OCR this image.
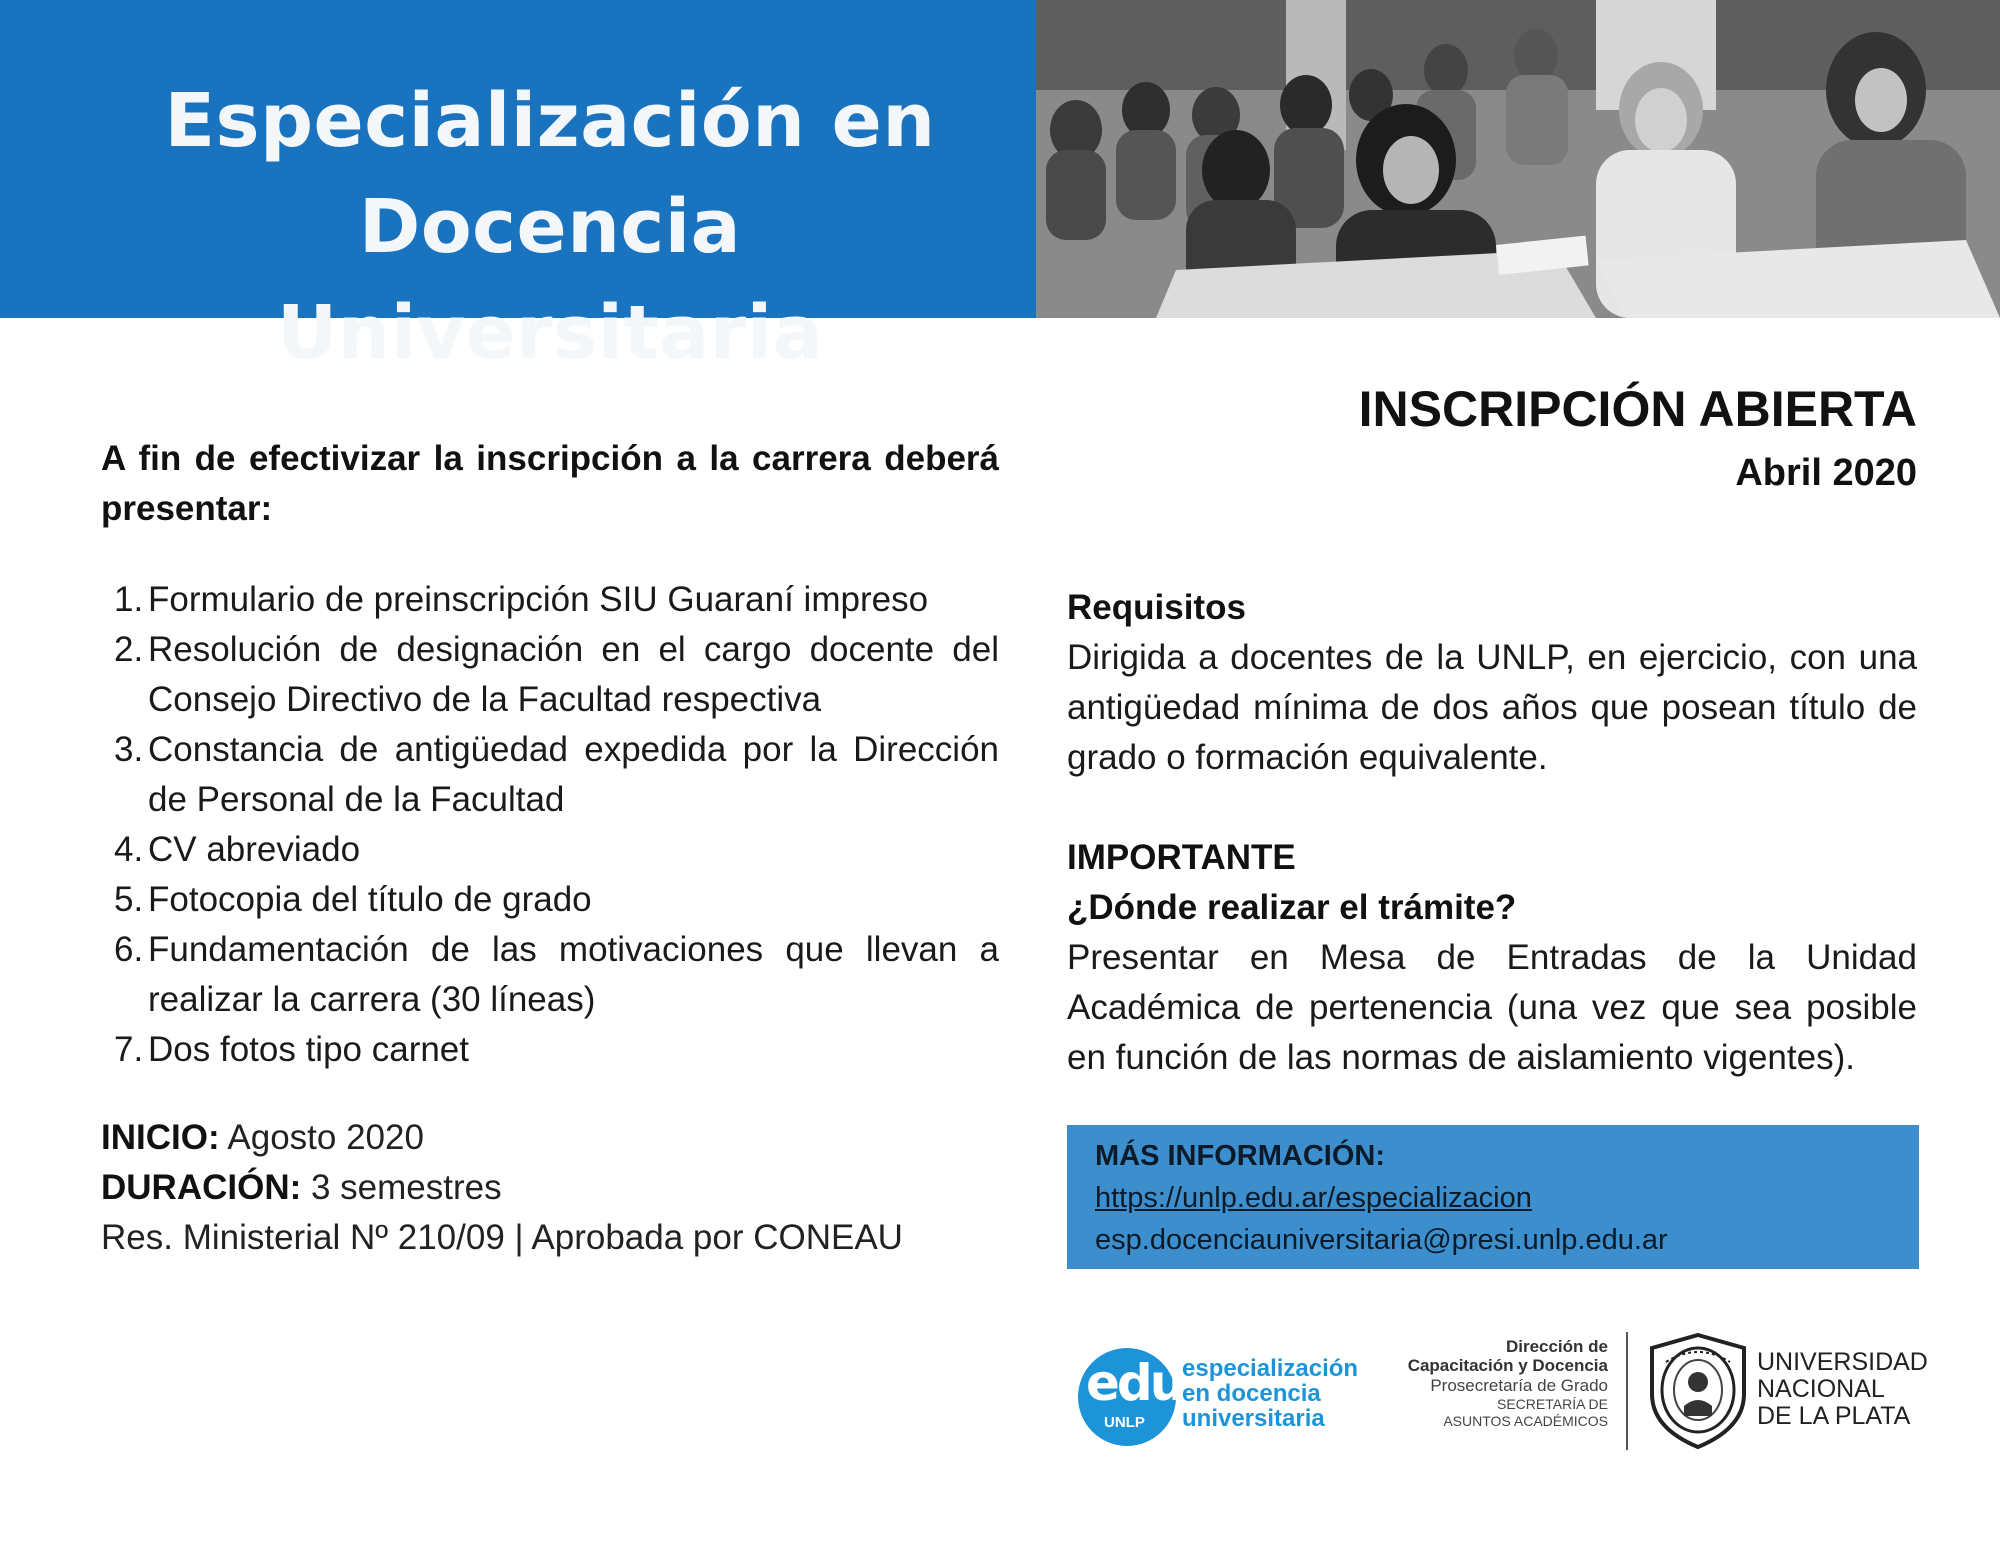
Especialización en
Docencia Universitaria
INSCRIPCIÓN ABIERTA
Abril 2020

A fin de efectivizar la inscripción a la carrera deberá presentar:

1. Formulario de preinscripción SIU Guaraní impreso
2. Resolución de designación en el cargo docente del Consejo Directivo de la Facultad respectiva
3. Constancia de antigüedad expedida por la Dirección de Personal de la Facultad
4. CV abreviado
5. Fotocopia del título de grado
6. Fundamentación de las motivaciones que llevan a realizar la carrera (30 líneas)
7. Dos fotos tipo carnet
INICIO: Agosto 2020
DURACIÓN: 3 semestres
Res. Ministerial Nº 210/09 | Aprobada por CONEAU
Requisitos
Dirigida a docentes de la UNLP, en ejercicio, con una antigüedad mínima de dos años que posean título de grado o formación equivalente.
IMPORTANTE
¿Dónde realizar el trámite?
Presentar en Mesa de Entradas de la Unidad Académica de pertenencia (una vez que sea posible en función de las normas de aislamiento vigentes).
MÁS INFORMACIÓN:
https://unlp.edu.ar/especializacion
esp.docenciauniversitaria@presi.unlp.edu.ar
edu
UNLP
especialización
en docencia
universitaria
Dirección de
Capacitación y Docencia
Prosecretaría de Grado
SECRETARÍA DE
ASUNTOS ACADÉMICOS
UNIVERSIDAD
NACIONAL
DE LA PLATA
